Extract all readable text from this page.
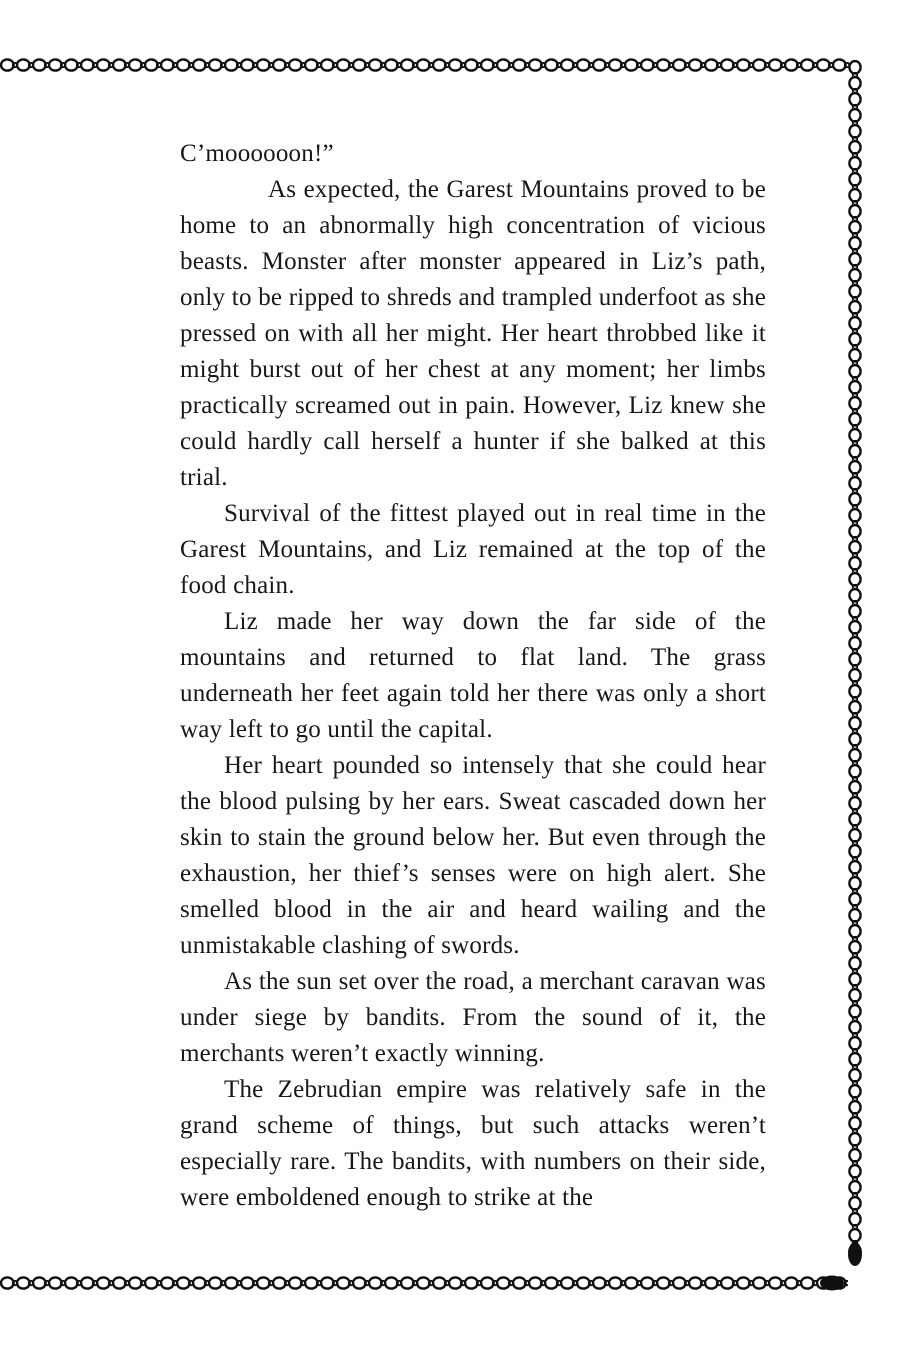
C’moooooon!”

As expected, the Garest Mountains proved to be home to an abnormally high concentration of vicious beasts. Monster after monster appeared in Liz’s path, only to be ripped to shreds and trampled underfoot as she pressed on with all her might. Her heart throbbed like it might burst out of her chest at any moment; her limbs practically screamed out in pain. However, Liz knew she could hardly call herself a hunter if she balked at this trial.

Survival of the fittest played out in real time in the Garest Mountains, and Liz remained at the top of the food chain.

Liz made her way down the far side of the mountains and returned to flat land. The grass underneath her feet again told her there was only a short way left to go until the capital.

Her heart pounded so intensely that she could hear the blood pulsing by her ears. Sweat cascaded down her skin to stain the ground below her. But even through the exhaustion, her thief’s senses were on high alert. She smelled blood in the air and heard wailing and the unmistakable clashing of swords.

As the sun set over the road, a merchant caravan was under siege by bandits. From the sound of it, the merchants weren’t exactly winning.

The Zebrudian empire was relatively safe in the grand scheme of things, but such attacks weren’t especially rare. The bandits, with numbers on their side, were emboldened enough to strike at the
